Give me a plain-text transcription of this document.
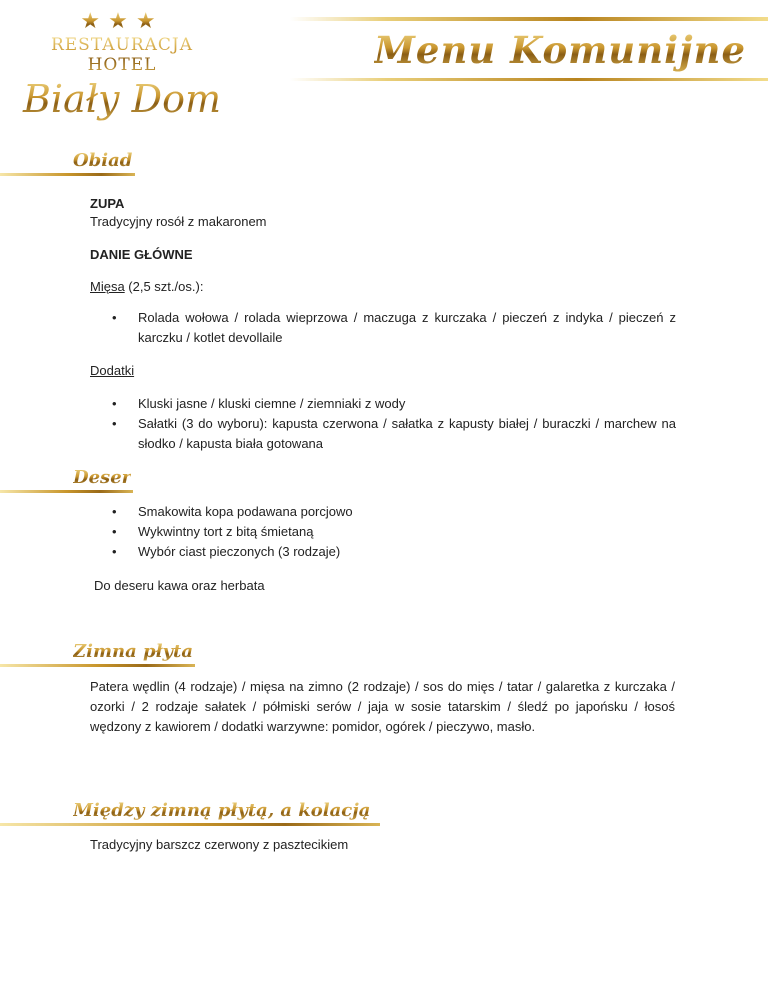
★★★
RESTAURACJA HOTEL
Biały Dom
Menu Komunijne
Obiad
ZUPA
Tradycyjny rosół z makaronem
DANIE GŁÓWNE
Mięsa (2,5 szt./os.):
• Rolada wołowa / rolada wieprzowa / maczuga z kurczaka / pieczeń z indyka / pieczeń z karczku / kotlet devollaile
Dodatki
• Kluski jasne / kluski ciemne / ziemniaki z wody
• Sałatki (3 do wyboru): kapusta czerwona / sałatka z kapusty białej / buraczki / marchew na słodko / kapusta biała gotowana
Deser
• Smakowita kopa podawana porcjowo
• Wykwintny tort z bitą śmietaną
• Wybór ciast pieczonych (3 rodzaje)
Do deseru kawa oraz herbata
Zimna płyta
Patera wędlin (4 rodzaje) / mięsa na zimno (2 rodzaje) / sos do mięs / tatar / galaretka z kurczaka / ozorki / 2 rodzaje sałatek / półmiski serów / jaja w sosie tatarskim / śledź po japońsku / łosoś wędzony z kawiorem / dodatki warzywne: pomidor, ogórek / pieczywo, masło.
Między zimną płytą, a kolacją
Tradycyjny barszcz czerwony z pasztecikiem
